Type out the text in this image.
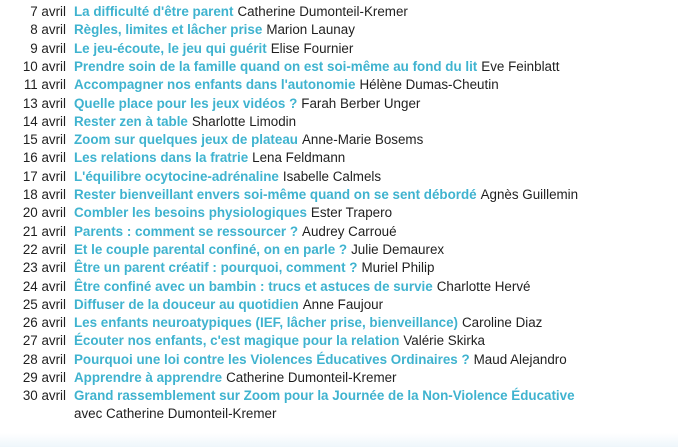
7 avril La difficulté d'être parent Catherine Dumonteil-Kremer
8 avril Règles, limites et lâcher prise Marion Launay
9 avril Le jeu-écoute, le jeu qui guérit Elise Fournier
10 avril Prendre soin de la famille quand on est soi-même au fond du lit Eve Feinblatt
11 avril Accompagner nos enfants dans l'autonomie Hélène Dumas-Cheutin
13 avril Quelle place pour les jeux vidéos ? Farah Berber Unger
14 avril Rester zen à table Sharlotte Limodin
15 avril Zoom sur quelques jeux de plateau Anne-Marie Bosems
16 avril Les relations dans la fratrie Lena Feldmann
17 avril L'équilibre ocytocine-adrénaline Isabelle Calmels
18 avril Rester bienveillant envers soi-même quand on se sent débordé Agnès Guillemin
20 avril Combler les besoins physiologiques Ester Trapero
21 avril Parents : comment se ressourcer ? Audrey Carroué
22 avril Et le couple parental confiné, on en parle ? Julie Demaurex
23 avril Être un parent créatif : pourquoi, comment ? Muriel Philip
24 avril Être confiné avec un bambin : trucs et astuces de survie Charlotte Hervé
25 avril Diffuser de la douceur au quotidien Anne Faujour
26 avril Les enfants neuroatypiques (IEF, lâcher prise, bienveillance) Caroline Diaz
27 avril Écouter nos enfants, c'est magique pour la relation Valérie Skirka
28 avril Pourquoi une loi contre les Violences Éducatives Ordinaires ? Maud Alejandro
29 avril Apprendre à apprendre Catherine Dumonteil-Kremer
30 avril Grand rassemblement sur Zoom pour la Journée de la Non-Violence Éducative
avec Catherine Dumonteil-Kremer
